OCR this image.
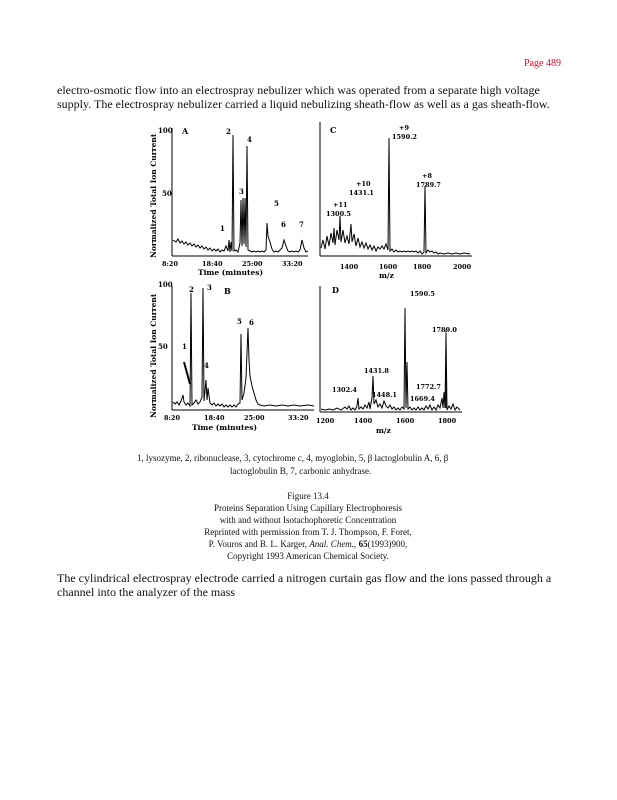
Page 489

electro-osmotic flow into an electrospray nebulizer which was operated from a separate high voltage supply. The electrospray nebulizer carried a liquid nebulizing sheath-flow as well as a gas sheath-flow.

Normalized Total Ion Current
Normalized Total Ion Current
100
50
A
1
2
3
4
5
6 7
8:20	18:40	25:00	33:20
Time (minutes)
C	+9
1590.2
+8
1789.7
+10
1431.1
+11
1300.5
1400	1600 1800	2000
m/z
100
50
B
1
2 3
4
5 6
8:20	18:40	25:00	33:20
Time (minutes)
D	1590.5
1789.0
1431.8
1302.4
1448.1
1772.7
1669.4
1200	1400	1600	1800
m/z
1, lysozyme, 2, ribonuclease, 3, cytochrome c, 4, myoglobin, 5, β lactoglobulin A, 6, β
lactoglobulin B, 7, carbonic anhydrase.
Figure 13.4
Proteins Separation Using Capillary Electrophoresis
with and without Isotachophoretic Concentration
Reprinted with permission from T. J. Thompson, F. Foret,
P. Vouros and B. L. Karger, Anal. Chem., 65(1993)900,
Copyright 1993 American Chemical Society.

The cylindrical electrospray electrode carried a nitrogen curtain gas flow and the ions passed through a channel into the analyzer of the mass
